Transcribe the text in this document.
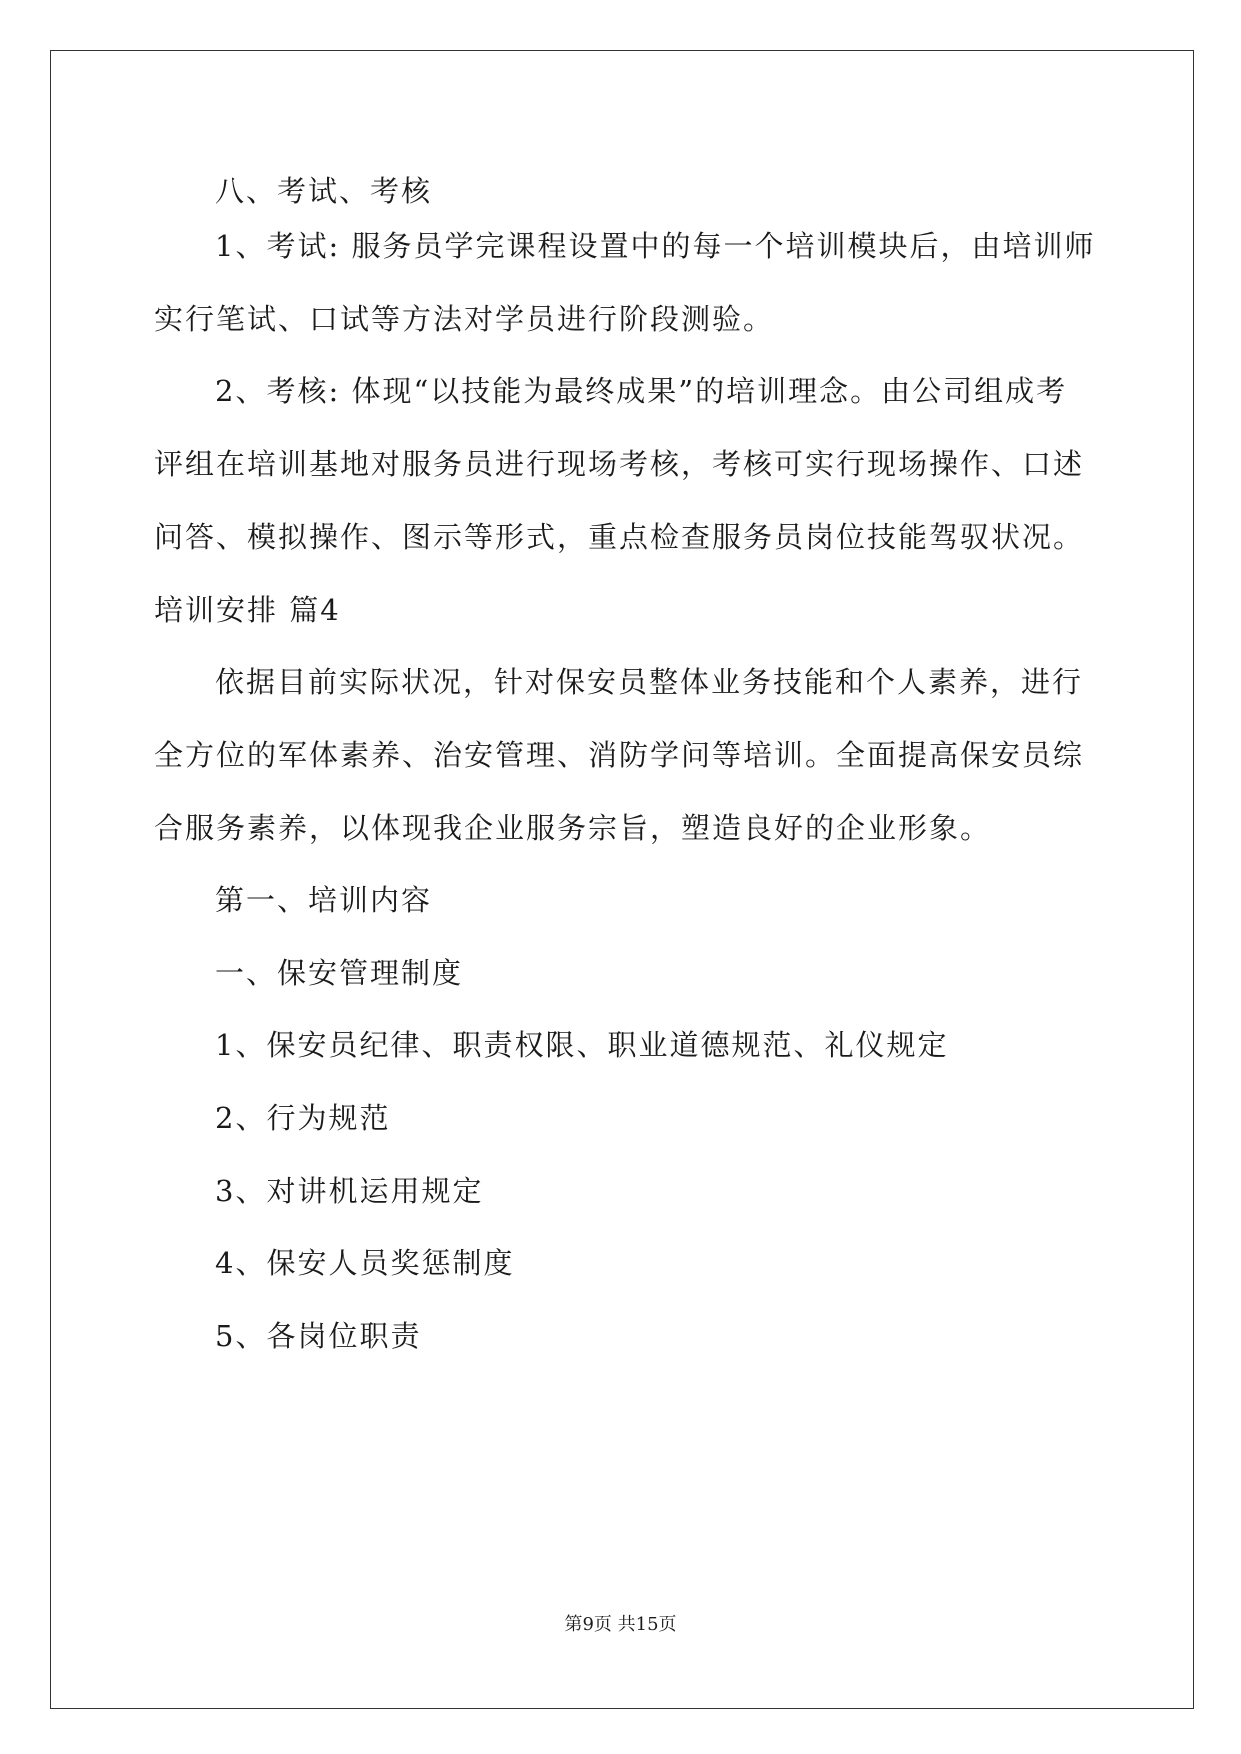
八、考试、考核
1、考试: 服务员学完课程设置中的每一个培训模块后，由培训师
实行笔试、口试等方法对学员进行阶段测验。
2、考核: 体现“以技能为最终成果”的培训理念。由公司组成考
评组在培训基地对服务员进行现场考核，考核可实行现场操作、口述
问答、模拟操作、图示等形式，重点检查服务员岗位技能驾驭状况。
培训安排 篇4
依据目前实际状况，针对保安员整体业务技能和个人素养，进行
全方位的军体素养、治安管理、消防学问等培训。全面提高保安员综
合服务素养，以体现我企业服务宗旨，塑造良好的企业形象。
第一、培训内容
一、保安管理制度
1、保安员纪律、职责权限、职业道德规范、礼仪规定
2、行为规范
3、对讲机运用规定
4、保安人员奖惩制度
5、各岗位职责
第9页 共15页
